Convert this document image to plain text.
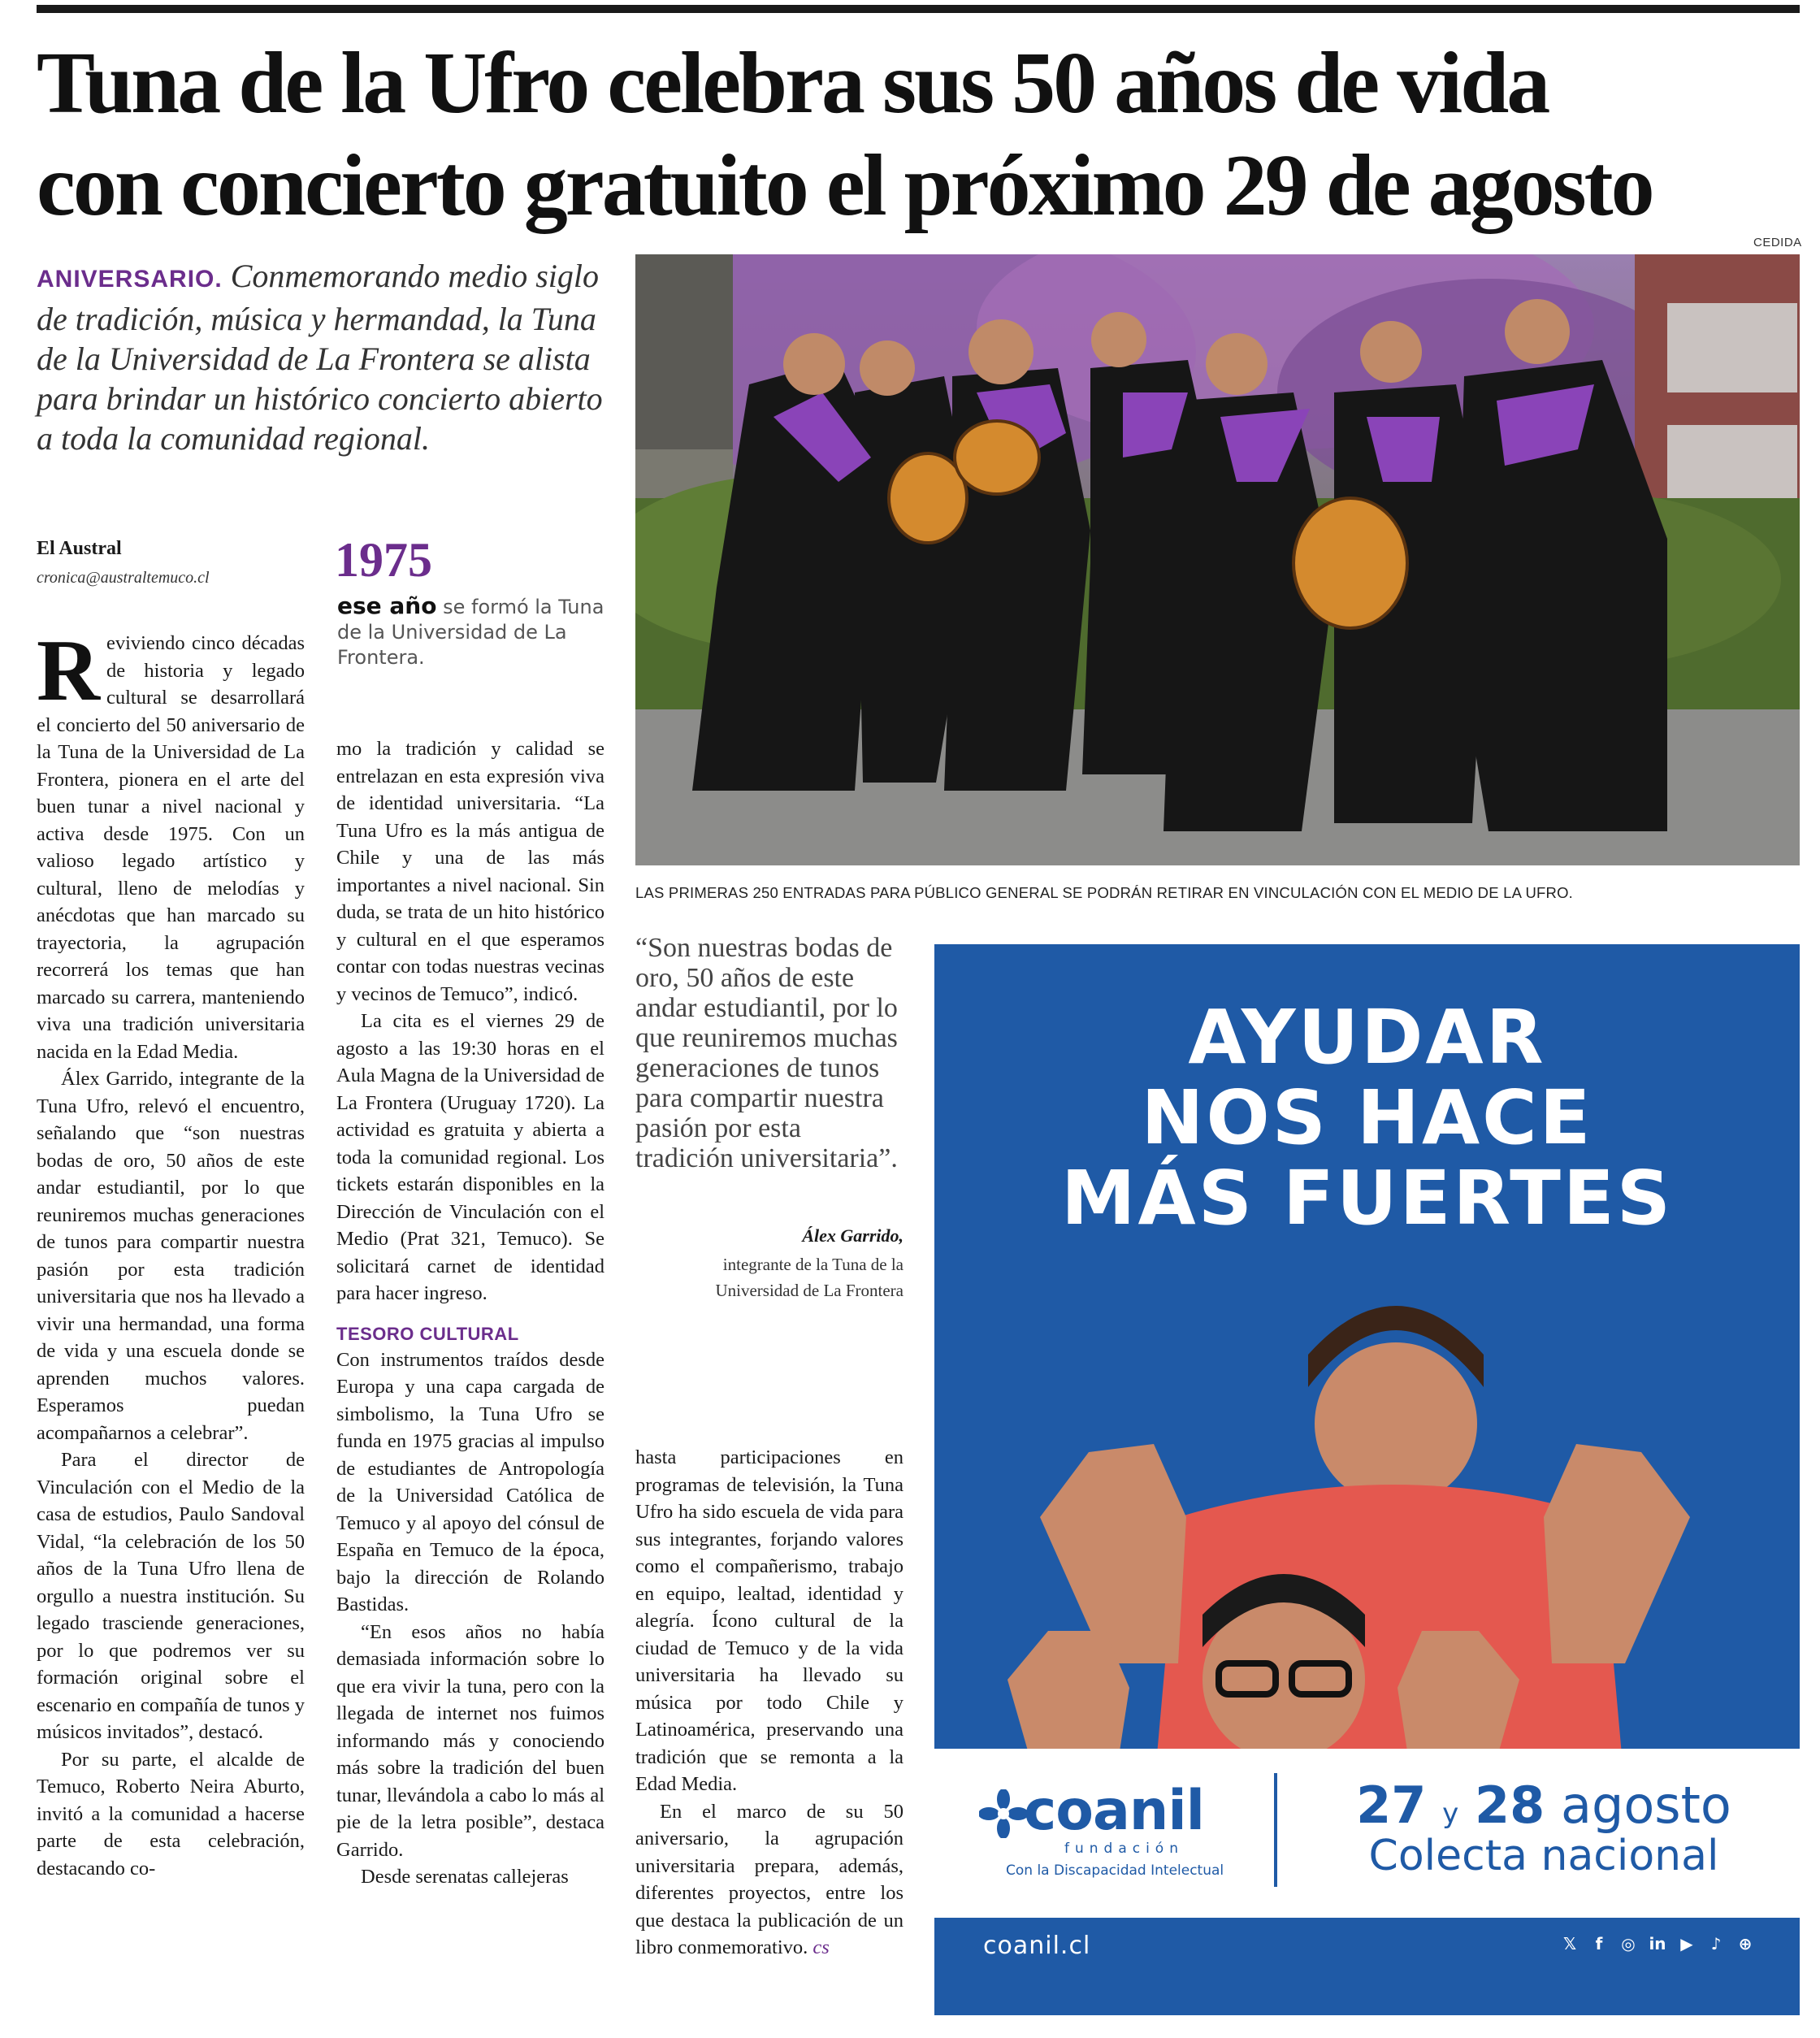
Tuna de la Ufro celebra sus 50 años de vida
con concierto gratuito el próximo 29 de agosto
CEDIDA
ANIVERSARIO. Conmemorando medio siglo de tradición, música y hermandad, la Tuna de la Universidad de La Frontera se alista para brindar un histórico concierto abierto a toda la comunidad regional.
El Austral
cronica@australtemuco.cl	1975
ese año se formó la Tuna de la Universidad de La Frontera.

Reviviendo cinco décadas de historia y legado cultural se desarrollará el concierto del 50 aniversario de la Tuna de la Universidad de La Frontera, pionera en el arte del buen tunar a nivel nacional y activa desde 1975. Con un valioso legado artístico y cultural, lleno de melodías y anécdotas que han marcado su trayectoria, la agrupación recorrerá los temas que han marcado su carrera, manteniendo viva una tradición universitaria nacida en la Edad Media.

Álex Garrido, integrante de la Tuna Ufro, relevó el encuentro, señalando que “son nuestras bodas de oro, 50 años de este andar estudiantil, por lo que reuniremos muchas generaciones de tunos para compartir nuestra pasión por esta tradición universitaria que nos ha llevado a vivir una hermandad, una forma de vida y una escuela donde se aprenden muchos valores. Esperamos puedan acompañarnos a celebrar”.

Para el director de Vinculación con el Medio de la casa de estudios, Paulo Sandoval Vidal, “la celebración de los 50 años de la Tuna Ufro llena de orgullo a nuestra institución. Su legado trasciende generaciones, por lo que podremos ver su formación original sobre el escenario en compañía de tunos y músicos invitados”, destacó.

Por su parte, el alcalde de Temuco, Roberto Neira Aburto, invitó a la comunidad a hacerse parte de esta celebración, destacando co-

mo la tradición y calidad se entrelazan en esta expresión viva de identidad universitaria. “La Tuna Ufro es la más antigua de Chile y una de las más importantes a nivel nacional. Sin duda, se trata de un hito histórico y cultural en el que esperamos contar con todas nuestras vecinas y vecinos de Temuco”, indicó.

La cita es el viernes 29 de agosto a las 19:30 horas en el Aula Magna de la Universidad de La Frontera (Uruguay 1720). La actividad es gratuita y abierta a toda la comunidad regional. Los tickets estarán disponibles en la Dirección de Vinculación con el Medio (Prat 321, Temuco). Se solicitará carnet de identidad para hacer ingreso.

TESORO CULTURAL

Con instrumentos traídos desde Europa y una capa cargada de simbolismo, la Tuna Ufro se funda en 1975 gracias al impulso de estudiantes de Antropología de la Universidad Católica de Temuco y al apoyo del cónsul de España en Temuco de la época, bajo la dirección de Rolando Bastidas.

“En esos años no había demasiada información sobre lo que era vivir la tuna, pero con la llegada de internet nos fuimos informando más y conociendo más sobre la tradición del buen tunar, llevándola a cabo lo más al pie de la letra posible”, destaca Garrido.

Desde serenatas callejeras

hasta participaciones en programas de televisión, la Tuna Ufro ha sido escuela de vida para sus integrantes, forjando valores como el compañerismo, trabajo en equipo, lealtad, identidad y alegría. Ícono cultural de la ciudad de Temuco y de la vida universitaria ha llevado su música por todo Chile y Latinoamérica, preservando una tradición que se remonta a la Edad Media.

En el marco de su 50 aniversario, la agrupación universitaria prepara, además, diferentes proyectos, entre los que destaca la publicación de un libro conmemorativo. cs

LAS PRIMERAS 250 ENTRADAS PARA PÚBLICO GENERAL SE PODRÁN RETIRAR EN VINCULACIÓN CON EL MEDIO DE LA UFRO.
“Son nuestras bodas de oro, 50 años de este andar estudiantil, por lo que reuniremos muchas generaciones de tunos para compartir nuestra pasión por esta tradición universitaria”.
Álex Garrido,
integrante de la Tuna de la Universidad de La Frontera
AYUDAR
NOS HACE
MÁS FUERTES
coanil
fundación
Con la Discapacidad Intelectual
27 y 28 agosto
Colecta nacional
coanil.cl	𝕏	f	◎ in ▶ ♪ ⊕
